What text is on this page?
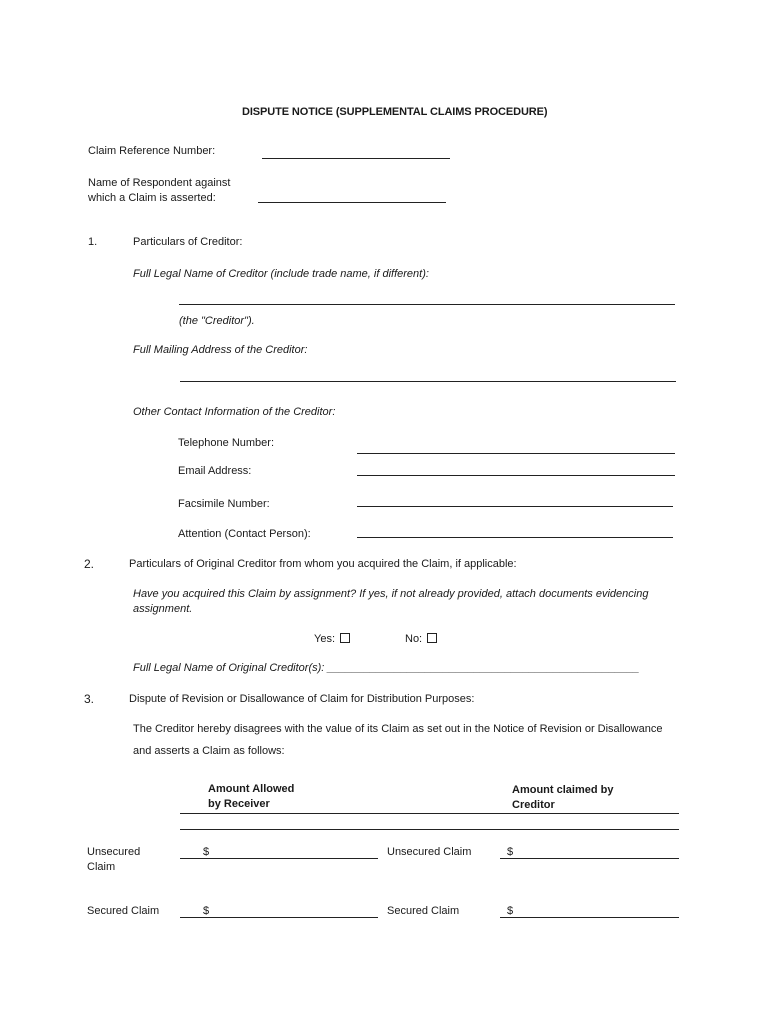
DISPUTE NOTICE (SUPPLEMENTAL CLAIMS PROCEDURE)
Claim Reference Number:
Name of Respondent against
which a Claim is asserted:
1.	Particulars of Creditor:
Full Legal Name of Creditor (include trade name, if different):
(the "Creditor").
Full Mailing Address of the Creditor:
Other Contact Information of the Creditor:
Telephone Number:
Email Address:
Facsimile Number:
Attention (Contact Person):
2.	Particulars of Original Creditor from whom you acquired the Claim, if applicable:
Have you acquired this Claim by assignment? If yes, if not already provided, attach documents evidencing
assignment.
Yes:	No:
Full Legal Name of Original Creditor(s): ___________________________________________________
3.	Dispute of Revision or Disallowance of Claim for Distribution Purposes:
The Creditor hereby disagrees with the value of its Claim as set out in the Notice of Revision or Disallowance
and asserts a Claim as follows:
Amount Allowed
by Receiver
Amount claimed by
Creditor
Unsecured
Claim
$	Unsecured Claim	$
Secured Claim	$	Secured Claim	$
